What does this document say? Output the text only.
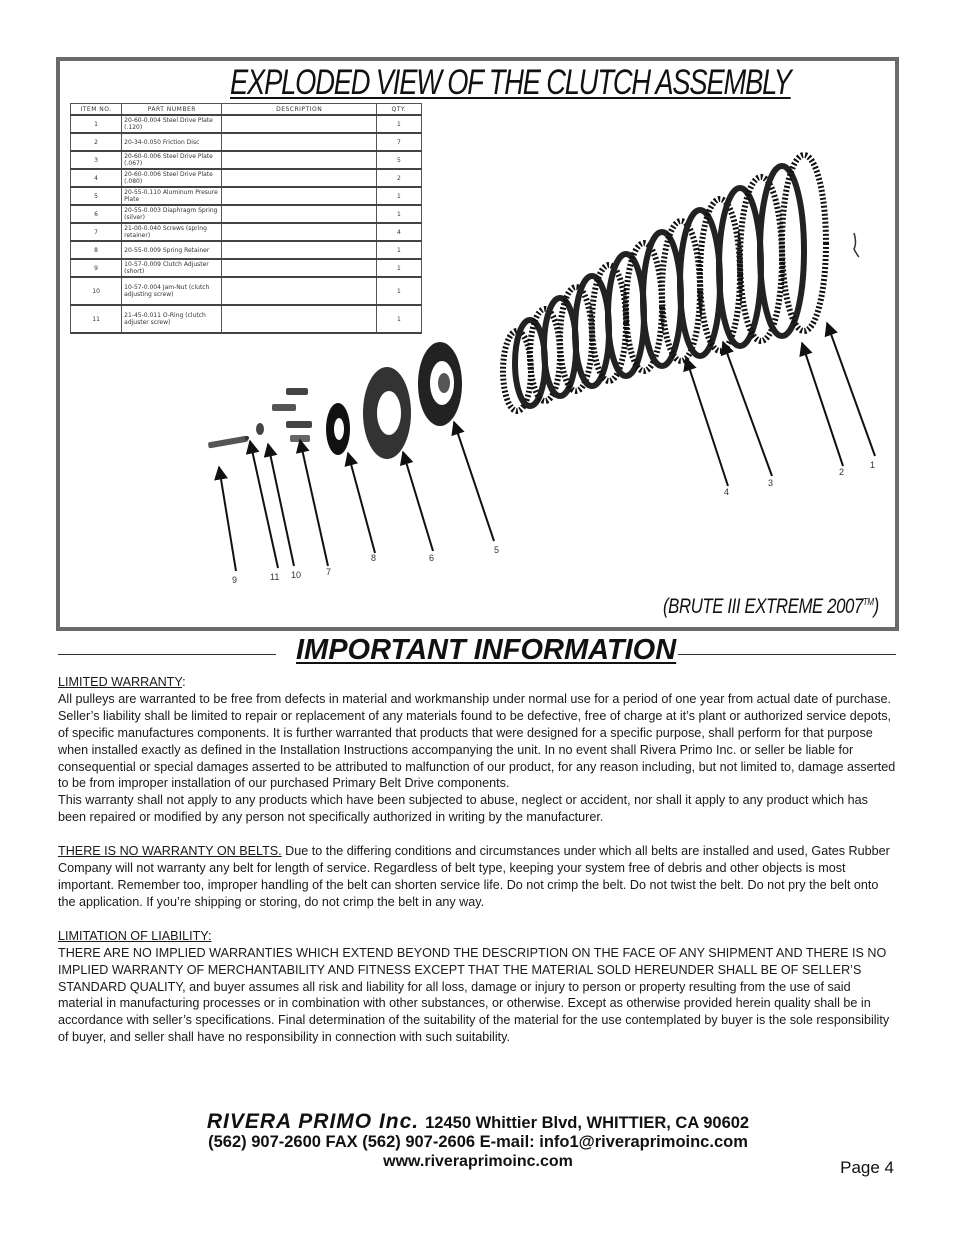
EXPLODED VIEW OF THE CLUTCH ASSEMBLY
ITEM NO.	PART NUMBER	DESCRIPTION	QTY.
1	20-60-0.004 Steel Drive Plate (.120)		1
2	20-34-0.050 Friction Disc		7
3	20-60-0.006 Steel Drive Plate (.067)		5
4	20-60-0.006 Steel Drive Plate (.080)		2
5	20-55-0.110 Aluminum Presure Plate		1
6	20-55-0.003 Diaphragm Spring (silver)		1
7	21-00-0.040 Screws (spring retainer)		4
8	20-55-0.009 Spring Retainer		1
9	10-57-0.009 Clutch Adjuster (short)		1
10	10-57-0.004 Jam-Nut (clutch adjusting screw)		1
11	21-45-0.011 O-Ring (clutch adjuster screw)		1
1
2
3
4
5
6
7
8
9	10
11
(BRUTE III EXTREME 2007™)
IMPORTANT INFORMATION

LIMITED WARRANTY:

All pulleys are warranted to be free from defects in material and workmanship under normal use for a period of one year from actual date of purchase. Seller’s liability shall be limited to repair or replacement of any materials found to be defective, free of charge at it’s plant or authorized service depots, of specific manufactures components. It is further warranted that products that were designed for a specific purpose, shall perform for that purpose when installed exactly as defined in the Installation Instructions accompanying the unit. In no event shall Rivera Primo Inc. or seller be liable for consequential or special damages asserted to be attributed to malfunction of our product, for any reason including, but not limited to, damage asserted to be from improper installation of our purchased Primary Belt Drive components.

This warranty shall not apply to any products which have been subjected to abuse, neglect or accident, nor shall it apply to any product which has been repaired or modified by any person not specifically authorized in writing by the manufacturer.

THERE IS NO WARRANTY ON BELTS. Due to the differing conditions and circumstances under which all belts are installed and used, Gates Rubber Company will not warranty any belt for length of service. Regardless of belt type, keeping your system free of debris and other objects is most important. Remember too, improper handling of the belt can shorten service life. Do not crimp the belt. Do not twist the belt. Do not pry the belt onto the application. If you’re shipping or storing, do not crimp the belt in any way.

LIMITATION OF LIABILITY:

THERE ARE NO IMPLIED WARRANTIES WHICH EXTEND BEYOND THE DESCRIPTION ON THE FACE OF ANY SHIPMENT AND THERE IS NO IMPLIED WARRANTY OF MERCHANTABILITY AND FITNESS EXCEPT THAT THE MATERIAL SOLD HEREUNDER SHALL BE OF SELLER’S STANDARD QUALITY, and buyer assumes all risk and liability for all loss, damage or injury to person or property resulting from the use of said material in manufacturing processes or in combination with other substances, or otherwise. Except as otherwise provided herein quality shall be in accordance with seller’s specifications. Final determination of the suitability of the material for the use contemplated by buyer is the sole responsibility of buyer, and seller shall have no responsibility in connection with such suitability.

RIVERA PRIMO Inc. 12450 Whittier Blvd, WHITTIER, CA 90602
(562) 907-2600 FAX (562) 907-2606 E-mail: info1@riveraprimoinc.com
www.riveraprimoinc.com	Page 4
